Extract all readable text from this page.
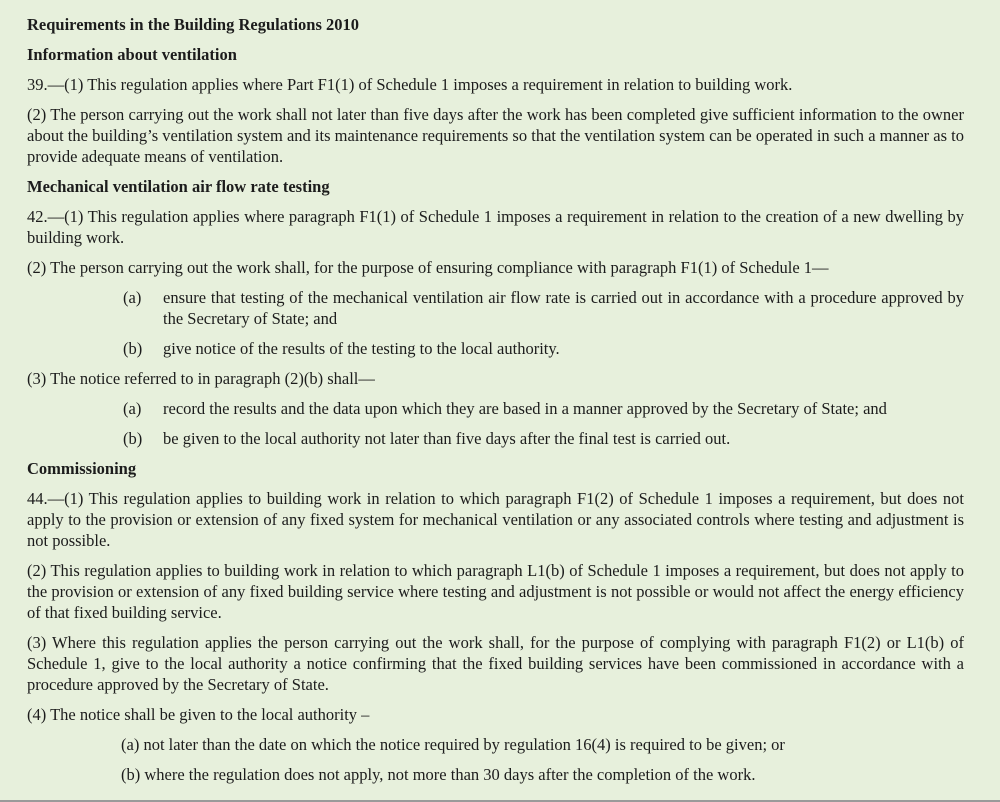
Requirements in the Building Regulations 2010
Information about ventilation

39.—(1) This regulation applies where Part F1(1) of Schedule 1 imposes a requirement in relation to building work.

(2) The person carrying out the work shall not later than five days after the work has been completed give sufficient information to the owner about the building’s ventilation system and its maintenance requirements so that the ventilation system can be operated in such a manner as to provide adequate means of ventilation.

Mechanical ventilation air flow rate testing

42.—(1) This regulation applies where paragraph F1(1) of Schedule 1 imposes a requirement in relation to the creation of a new dwelling by building work.

(2) The person carrying out the work shall, for the purpose of ensuring compliance with paragraph F1(1) of Schedule 1—

(a)	ensure that testing of the mechanical ventilation air flow rate is carried out in accordance with a procedure approved by the Secretary of State; and
(b)	give notice of the results of the testing to the local authority.

(3) The notice referred to in paragraph (2)(b) shall—

(a)	record the results and the data upon which they are based in a manner approved by the Secretary of State; and
(b)	be given to the local authority not later than five days after the final test is carried out.
Commissioning

44.—(1) This regulation applies to building work in relation to which paragraph F1(2) of Schedule 1 imposes a requirement, but does not apply to the provision or extension of any fixed system for mechanical ventilation or any associated controls where testing and adjustment is not possible.

(2) This regulation applies to building work in relation to which paragraph L1(b) of Schedule 1 imposes a requirement, but does not apply to the provision or extension of any fixed building service where testing and adjustment is not possible or would not affect the energy efficiency of that fixed building service.

(3) Where this regulation applies the person carrying out the work shall, for the purpose of complying with paragraph F1(2) or L1(b) of Schedule 1, give to the local authority a notice confirming that the fixed building services have been commissioned in accordance with a procedure approved by the Secretary of State.

(4) The notice shall be given to the local authority –

(a) not later than the date on which the notice required by regulation 16(4) is required to be given; or
(b) where the regulation does not apply, not more than 30 days after the completion of the work.
